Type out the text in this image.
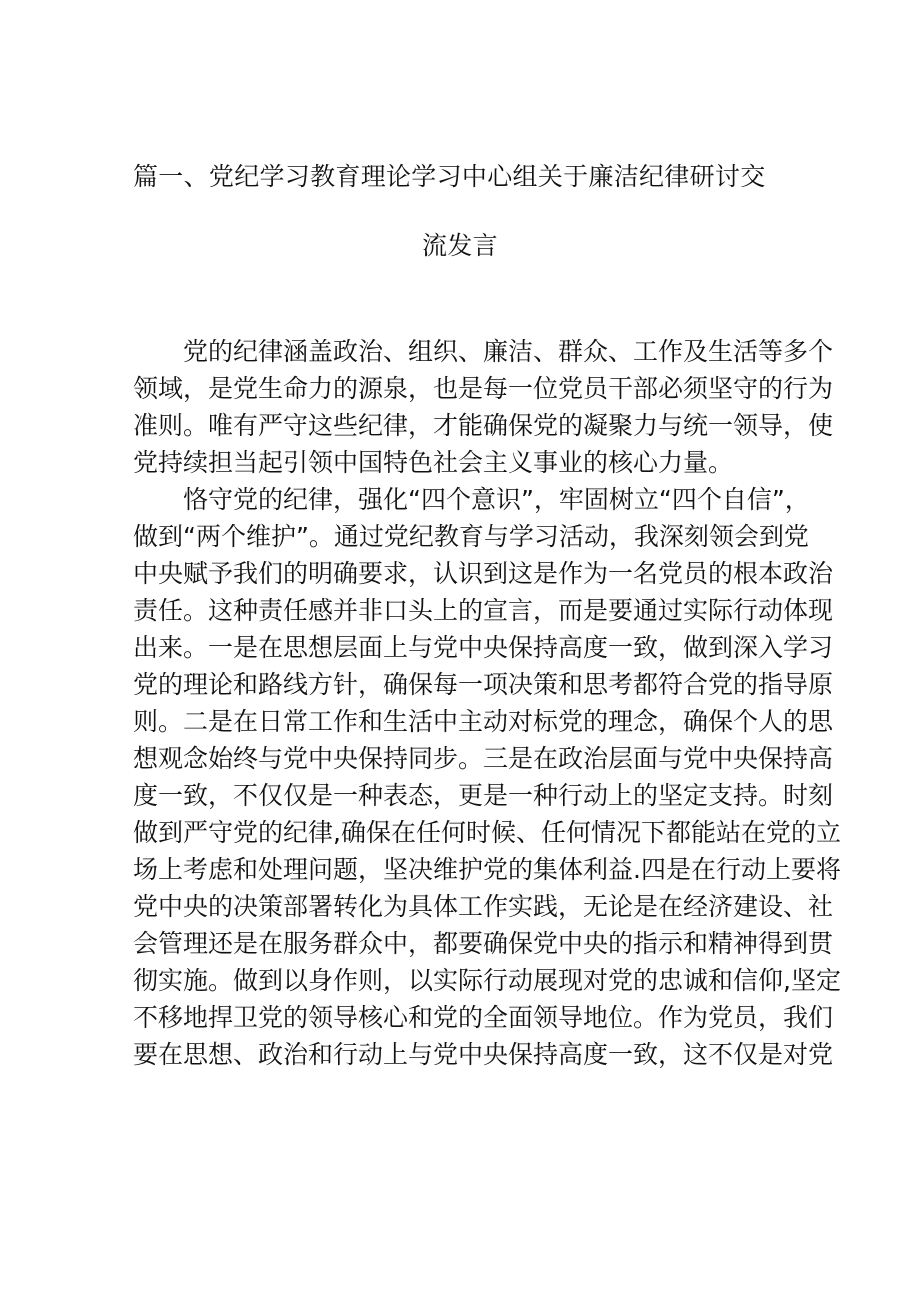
篇一、党纪学习教育理论学习中心组关于廉洁纪律研讨交
流发言
党的纪律涵盖政治、组织、廉洁、群众、工作及生活等多个
领域，是党生命力的源泉，也是每一位党员干部必须坚守的行为
准则。唯有严守这些纪律，才能确保党的凝聚力与统一领导，使
党持续担当起引领中国特色社会主义事业的核心力量。
恪守党的纪律，强化“四个意识”，牢固树立“四个自信”，
做到“两个维护”。通过党纪教育与学习活动，我深刻领会到党
中央赋予我们的明确要求，认识到这是作为一名党员的根本政治
责任。这种责任感并非口头上的宣言，而是要通过实际行动体现
出来。一是在思想层面上与党中央保持高度一致，做到深入学习
党的理论和路线方针，确保每一项决策和思考都符合党的指导原
则。二是在日常工作和生活中主动对标党的理念，确保个人的思
想观念始终与党中央保持同步。三是在政治层面与党中央保持高
度一致，不仅仅是一种表态，更是一种行动上的坚定支持。时刻
做到严守党的纪律,确保在任何时候、任何情况下都能站在党的立
场上考虑和处理问题，坚决维护党的集体利益.四是在行动上要将
党中央的决策部署转化为具体工作实践，无论是在经济建设、社
会管理还是在服务群众中，都要确保党中央的指示和精神得到贯
彻实施。做到以身作则，以实际行动展现对党的忠诚和信仰,坚定
不移地捍卫党的领导核心和党的全面领导地位。作为党员，我们
要在思想、政治和行动上与党中央保持高度一致，这不仅是对党
